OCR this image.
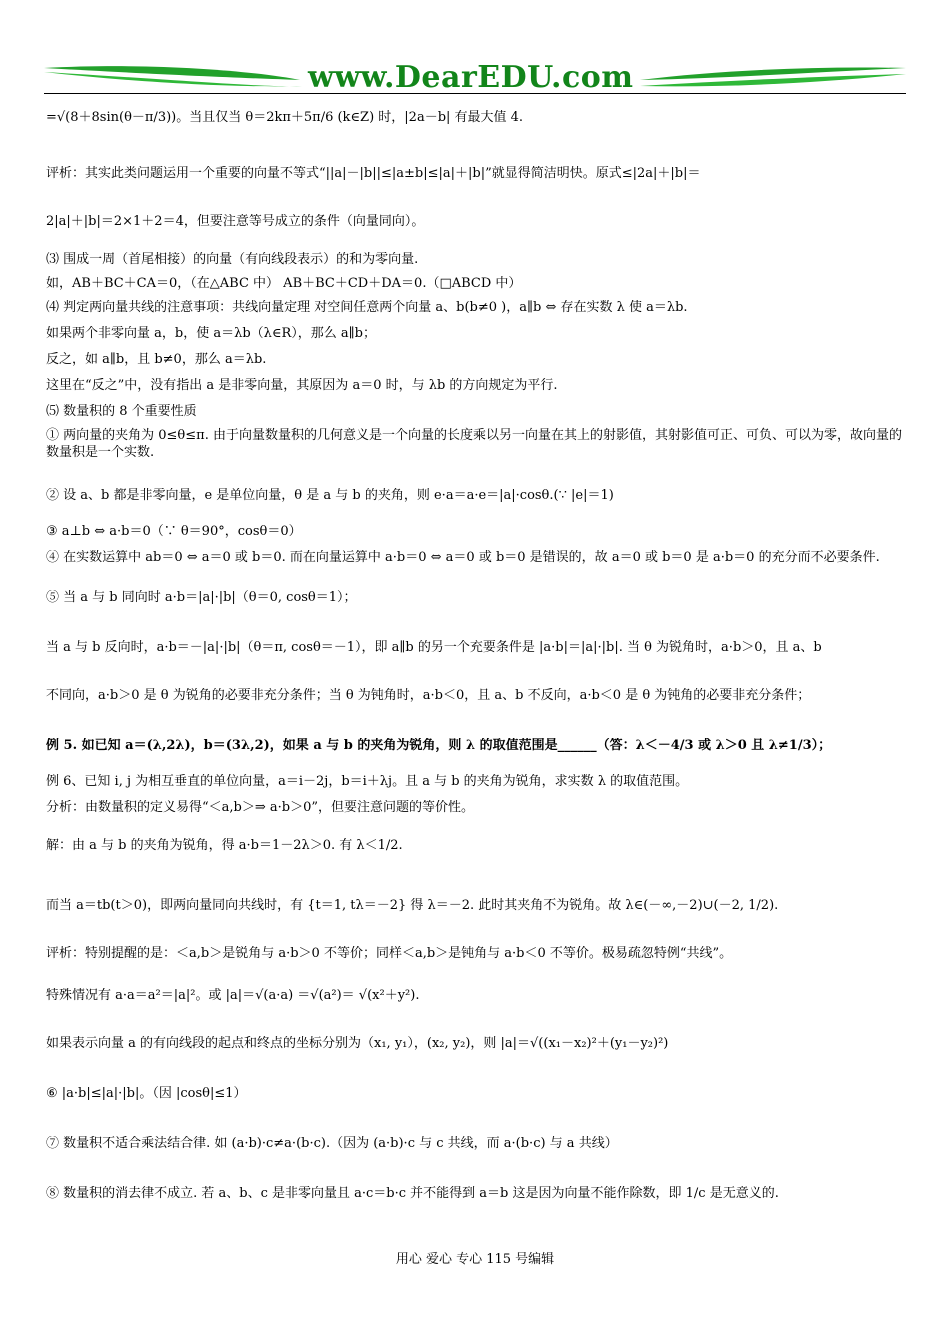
www.DearEDU.com
=√(8＋8sin(θ－π/3))。当且仅当 θ＝2kπ＋5π/6 (k∈Z) 时，|2a－b| 有最大值 4.
评析：其实此类问题运用一个重要的向量不等式“||a|－|b||≤|a±b|≤|a|＋|b|”就显得简洁明快。原式≤|2a|＋|b|＝
2|a|＋|b|＝2×1＋2＝4，但要注意等号成立的条件（向量同向）。
⑶ 围成一周（首尾相接）的向量（有向线段表示）的和为零向量.
如，AB＋BC＋CA＝0，（在△ABC 中） AB＋BC＋CD＋DA＝0.（□ABCD 中）
⑷ 判定两向量共线的注意事项：共线向量定理 对空间任意两个向量 a、b(b≠0 )，a∥b ⇔ 存在实数 λ 使 a＝λb.
如果两个非零向量 a，b，使 a＝λb（λ∈R），那么 a∥b；
反之，如 a∥b，且 b≠0，那么 a＝λb.
这里在“反之”中，没有指出 a 是非零向量，其原因为 a＝0 时，与 λb 的方向规定为平行.
⑸ 数量积的 8 个重要性质
① 两向量的夹角为 0≤θ≤π. 由于向量数量积的几何意义是一个向量的长度乘以另一向量在其上的射影值，其射影值可正、可负、可以为零，故向量的数量积是一个实数.
② 设 a、b 都是非零向量，e 是单位向量，θ 是 a 与 b 的夹角，则 e·a＝a·e＝|a|·cosθ.(∵ |e|＝1)
③ a⊥b ⇔ a·b＝0（∵ θ＝90°，cosθ＝0）
④ 在实数运算中 ab＝0 ⇔ a＝0 或 b＝0. 而在向量运算中 a·b＝0 ⇔ a＝0 或 b＝0 是错误的，故 a＝0 或 b＝0 是 a·b＝0 的充分而不必要条件.
⑤ 当 a 与 b 同向时 a·b＝|a|·|b|（θ＝0, cosθ＝1）；
当 a 与 b 反向时，a·b＝－|a|·|b|（θ＝π, cosθ＝－1），即 a∥b 的另一个充要条件是 |a·b|＝|a|·|b|. 当 θ 为锐角时，a·b＞0，且 a、b
不同向，a·b＞0 是 θ 为锐角的必要非充分条件；当 θ 为钝角时，a·b＜0，且 a、b 不反向，a·b＜0 是 θ 为钝角的必要非充分条件；
例 5. 如已知 a＝(λ,2λ)，b＝(3λ,2)，如果 a 与 b 的夹角为锐角，则 λ 的取值范围是______（答：λ＜－4/3 或 λ＞0 且 λ≠1/3）；
例 6、已知 i, j 为相互垂直的单位向量，a＝i－2j，b＝i＋λj。且 a 与 b 的夹角为锐角，求实数 λ 的取值范围。
分析：由数量积的定义易得“＜a,b＞⇒ a·b＞0”，但要注意问题的等价性。
解：由 a 与 b 的夹角为锐角，得 a·b＝1－2λ＞0. 有 λ＜1/2.
而当 a＝tb(t＞0)，即两向量同向共线时，有 {t＝1, tλ＝－2} 得 λ＝－2. 此时其夹角不为锐角。故 λ∈(－∞,－2)∪(－2, 1/2).
评析：特别提醒的是：＜a,b＞是锐角与 a·b＞0 不等价；同样＜a,b＞是钝角与 a·b＜0 不等价。极易疏忽特例“共线”。
特殊情况有 a·a＝a²＝|a|²。或 |a|＝√(a·a) ＝√(a²)＝ √(x²＋y²).
如果表示向量 a 的有向线段的起点和终点的坐标分别为（x₁, y₁），(x₂, y₂)，则 |a|＝√((x₁－x₂)²＋(y₁－y₂)²)
⑥ |a·b|≤|a|·|b|。（因 |cosθ|≤1）
⑦ 数量积不适合乘法结合律. 如 (a·b)·c≠a·(b·c).（因为 (a·b)·c 与 c 共线，而 a·(b·c) 与 a 共线）
⑧ 数量积的消去律不成立. 若 a、b、c 是非零向量且 a·c＝b·c 并不能得到 a＝b 这是因为向量不能作除数，即 1/c 是无意义的.
用心 爱心 专心 115 号编辑
